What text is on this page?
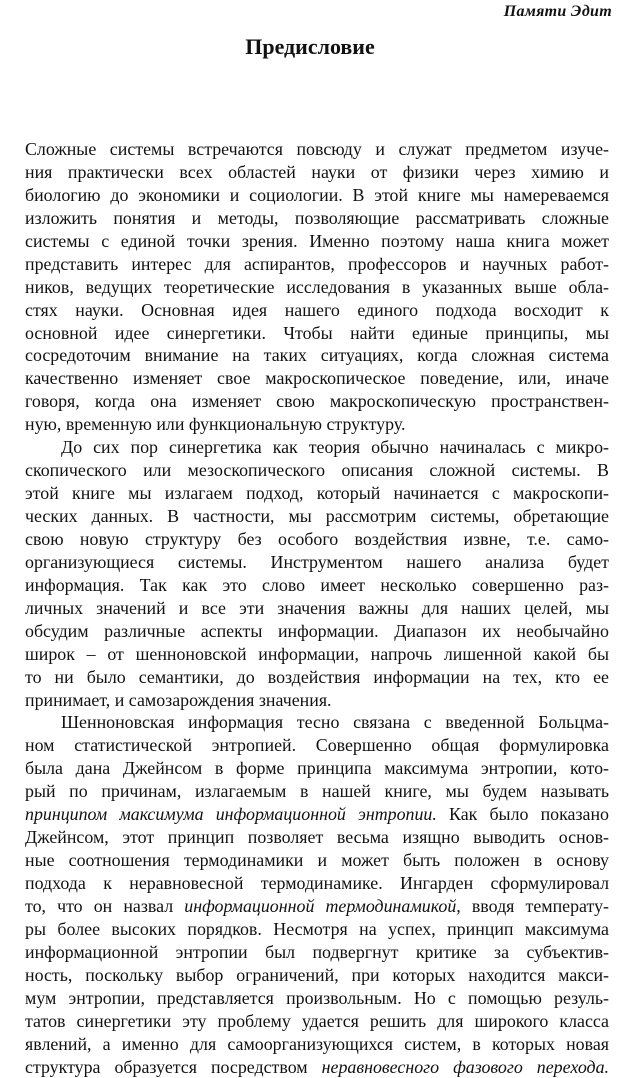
Памяти Эдит
Предисловие
Сложные системы встречаются повсюду и служат предметом изуче-
ния практически всех областей науки от физики через химию и
биологию до экономики и социологии. В этой книге мы намереваемся
изложить понятия и методы, позволяющие рассматривать сложные
системы с единой точки зрения. Именно поэтому наша книга может
представить интерес для аспирантов, профессоров и научных работ-
ников, ведущих теоретические исследования в указанных выше обла-
стях науки. Основная идея нашего единого подхода восходит к
основной идее синергетики. Чтобы найти единые принципы, мы
сосредоточим внимание на таких ситуациях, когда сложная система
качественно изменяет свое макроскопическое поведение, или, иначе
говоря, когда она изменяет свою макроскопическую пространствен-
ную, временную или функциональную структуру.
До сих пор синергетика как теория обычно начиналась с микро-
скопического или мезоскопического описания сложной системы. В
этой книге мы излагаем подход, который начинается с макроскопи-
ческих данных. В частности, мы рассмотрим системы, обретающие
свою новую структуру без особого воздействия извне, т.е. само-
организующиеся системы. Инструментом нашего анализа будет
информация. Так как это слово имеет несколько совершенно раз-
личных значений и все эти значения важны для наших целей, мы
обсудим различные аспекты информации. Диапазон их необычайно
широк – от шенноновской информации, напрочь лишенной какой бы
то ни было семантики, до воздействия информации на тех, кто ее
принимает, и самозарождения значения.
Шенноновская информация тесно связана с введенной Больцма-
ном статистической энтропией. Совершенно общая формулировка
была дана Джейнсом в форме принципа максимума энтропии, кото-
рый по причинам, излагаемым в нашей книге, мы будем называть
принципом максимума информационной энтропии. Как было показано
Джейнсом, этот принцип позволяет весьма изящно выводить основ-
ные соотношения термодинамики и может быть положен в основу
подхода к неравновесной термодинамике. Ингарден сформулировал
то, что он назвал информационной термодинамикой, вводя температу-
ры более высоких порядков. Несмотря на успех, принцип максимума
информационной энтропии был подвергнут критике за субъектив-
ность, поскольку выбор ограничений, при которых находится макси-
мум энтропии, представляется произвольным. Но с помощью резуль-
татов синергетики эту проблему удается решить для широкого класса
явлений, а именно для самоорганизующихся систем, в которых новая
структура образуется посредством неравновесного фазового перехода.
